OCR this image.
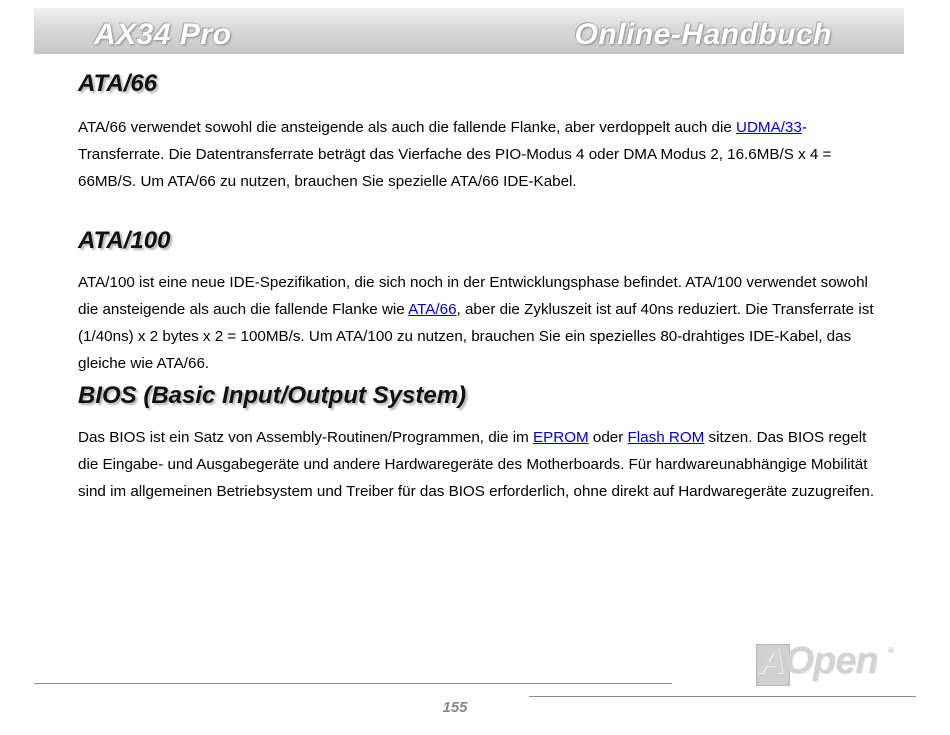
AX34 Pro	Online-Handbuch
ATA/66

ATA/66 verwendet sowohl die ansteigende als auch die fallende Flanke, aber verdoppelt auch die UDMA/33-Transferrate. Die Datentransferrate beträgt das Vierfache des PIO-Modus 4 oder DMA Modus 2, 16.6MB/S x 4 = 66MB/S. Um ATA/66 zu nutzen, brauchen Sie spezielle ATA/66 IDE-Kabel.

ATA/100

ATA/100 ist eine neue IDE-Spezifikation, die sich noch in der Entwicklungsphase befindet. ATA/100 verwendet sowohl die ansteigende als auch die fallende Flanke wie ATA/66, aber die Zykluszeit ist auf 40ns reduziert. Die Transferrate ist (1/40ns) x 2 bytes x 2 = 100MB/s. Um ATA/100 zu nutzen, brauchen Sie ein spezielles 80-drahtiges IDE-Kabel, das gleiche wie ATA/66.

BIOS (Basic Input/Output System)

Das BIOS ist ein Satz von Assembly-Routinen/Programmen, die im EPROM oder Flash ROM sitzen. Das BIOS regelt die Eingabe- und Ausgabegeräte und andere Hardwaregeräte des Motherboards. Für hardwareunabhängige Mobilität sind im allgemeinen Betriebsystem und Treiber für das BIOS erforderlich, ohne direkt auf Hardwaregeräte zuzugreifen.

AOpen ®
155
